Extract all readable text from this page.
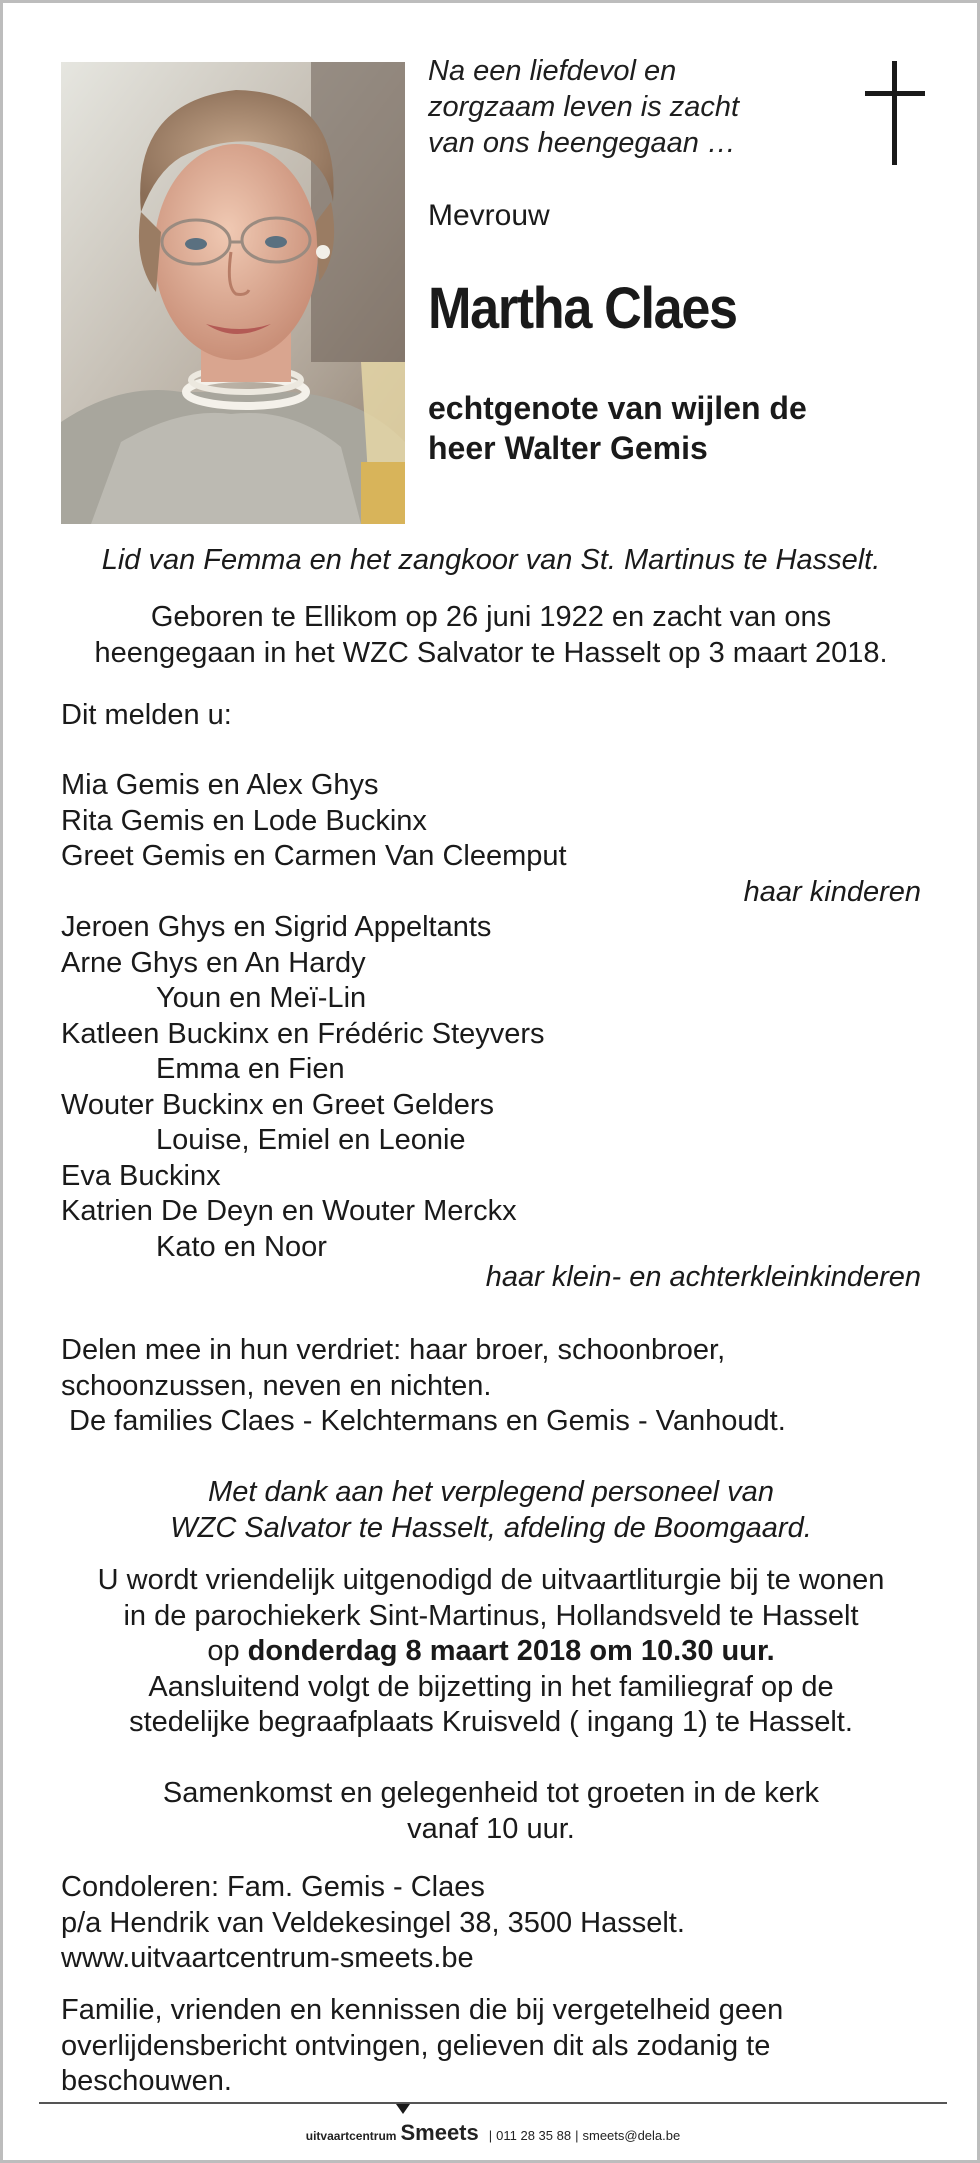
Na een liefdevol en
zorgzaam leven is zacht
van ons heengegaan …
Mevrouw
Martha Claes
echtgenote van wijlen de
heer Walter Gemis
Lid van Femma en het zangkoor van St. Martinus te Hasselt.
Geboren te Ellikom op 26 juni 1922 en zacht van ons
heengegaan in het WZC Salvator te Hasselt op 3 maart 2018.
Dit melden u:
Mia Gemis en Alex Ghys
Rita Gemis en Lode Buckinx
Greet Gemis en Carmen Van Cleemput
haar kinderen
Jeroen Ghys en Sigrid Appeltants
Arne Ghys en An Hardy
Youn en Meï-Lin
Katleen Buckinx en Frédéric Steyvers
Emma en Fien
Wouter Buckinx en Greet Gelders
Louise, Emiel en Leonie
Eva Buckinx
Katrien De Deyn en Wouter Merckx
Kato en Noor
haar klein- en achterkleinkinderen
Delen mee in hun verdriet: haar broer, schoonbroer,
schoonzussen, neven en nichten.
De families Claes - Kelchtermans en Gemis - Vanhoudt.
Met dank aan het verplegend personeel van
WZC Salvator te Hasselt, afdeling de Boomgaard.
U wordt vriendelijk uitgenodigd de uitvaartliturgie bij te wonen
in de parochiekerk Sint-Martinus, Hollandsveld te Hasselt
op donderdag 8 maart 2018 om 10.30 uur.
Aansluitend volgt de bijzetting in het familiegraf op de
stedelijke begraafplaats Kruisveld ( ingang 1) te Hasselt.
Samenkomst en gelegenheid tot groeten in de kerk
vanaf 10 uur.
Condoleren: Fam. Gemis - Claes
p/a Hendrik van Veldekesingel 38, 3500 Hasselt.
www.uitvaartcentrum-smeets.be
Familie, vrienden en kennissen die bij vergetelheid geen
overlijdensbericht ontvingen, gelieven dit als zodanig te
beschouwen.
uitvaartcentrum Smeets | 011 28 35 88 | smeets@dela.be
